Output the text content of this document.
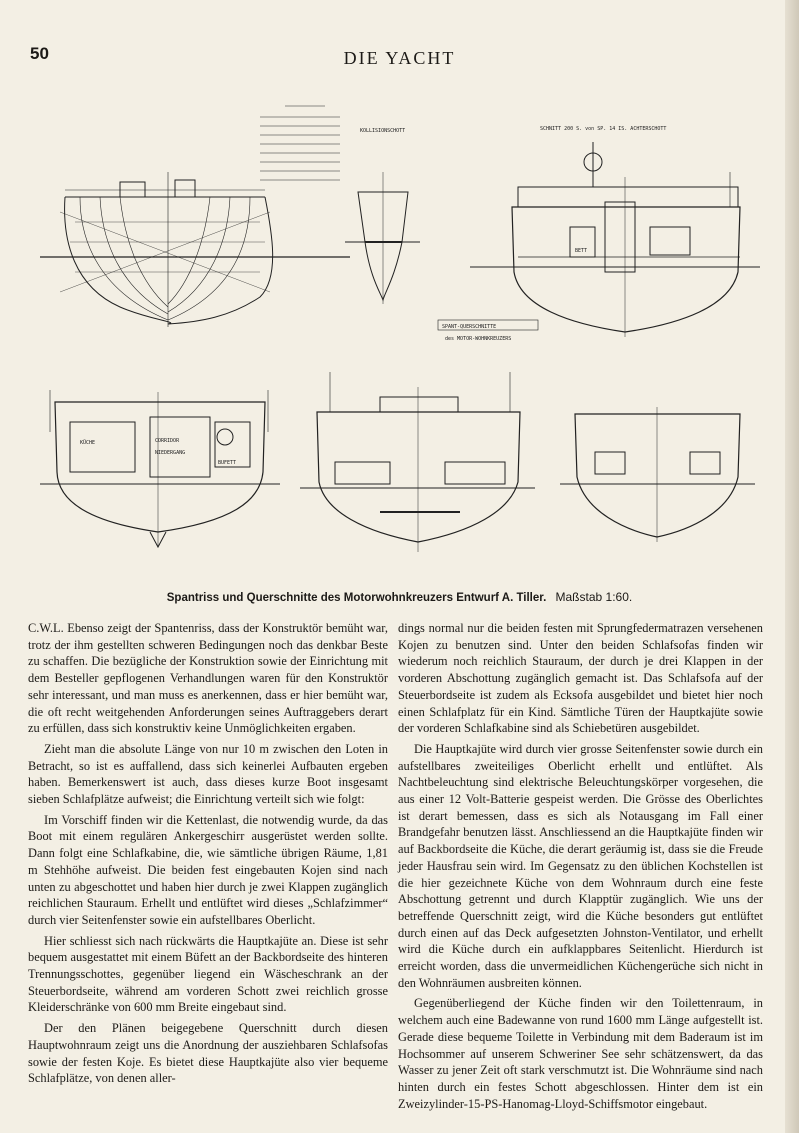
50	DIE YACHT
SPANT-QUERSCHNITTE
des MOTOR-WOHNKREUZERS
KOLLISIONSCHOTT	SCHNITT 200 S. von SP. 14 IS. ACHTERSCHOTT
KÜCHE	CORRIDOR
NIEDERGANG
BUFETT
BETT
Spantriss und Querschnitte des Motorwohnkreuzers Entwurf A. Tiller. Maßstab 1:60.

C.W.L. Ebenso zeigt der Spantenriss, dass der Konstruktör bemüht war, trotz der ihm gestellten schweren Bedingungen noch das denkbar Beste zu schaffen. Die bezügliche der Konstruktion sowie der Einrichtung mit dem Besteller gepflogenen Verhandlungen waren für den Konstruktör sehr interessant, und man muss es anerkennen, dass er hier bemüht war, die oft recht weitgehenden Anforderungen seines Auftraggebers derart zu erfüllen, dass sich konstruktiv keine Unmöglichkeiten ergaben.

Zieht man die absolute Länge von nur 10 m zwischen den Loten in Betracht, so ist es auffallend, dass sich keinerlei Aufbauten ergeben haben. Bemerkenswert ist auch, dass dieses kurze Boot insgesamt sieben Schlafplätze aufweist; die Einrichtung verteilt sich wie folgt:

Im Vorschiff finden wir die Kettenlast, die notwendig wurde, da das Boot mit einem regulären Ankergeschirr ausgerüstet werden sollte. Dann folgt eine Schlafkabine, die, wie sämtliche übrigen Räume, 1,81 m Stehhöhe aufweist. Die beiden fest eingebauten Kojen sind nach unten zu abgeschottet und haben hier durch je zwei Klappen zugänglich reichlichen Stauraum. Erhellt und entlüftet wird dieses „Schlafzimmer“ durch vier Seitenfenster sowie ein aufstellbares Oberlicht.

Hier schliesst sich nach rückwärts die Hauptkajüte an. Diese ist sehr bequem ausgestattet mit einem Büfett an der Backbordseite des hinteren Trennungsschottes, gegenüber liegend ein Wäscheschrank an der Steuerbordseite, während am vorderen Schott zwei reichlich grosse Kleiderschränke von 600 mm Breite eingebaut sind.

Der den Plänen beigegebene Querschnitt durch diesen Hauptwohnraum zeigt uns die Anordnung der ausziehbaren Schlafsofas sowie der festen Koje. Es bietet diese Hauptkajüte also vier bequeme Schlafplätze, von denen aller-

dings normal nur die beiden festen mit Sprungfedermatrazen versehenen Kojen zu benutzen sind. Unter den beiden Schlafsofas finden wir wiederum noch reichlich Stauraum, der durch je drei Klappen in der vorderen Abschottung zugänglich gemacht ist. Das Schlafsofa auf der Steuerbordseite ist zudem als Ecksofa ausgebildet und bietet hier noch einen Schlafplatz für ein Kind. Sämtliche Türen der Hauptkajüte sowie der vorderen Schlafkabine sind als Schiebetüren ausgebildet.

Die Hauptkajüte wird durch vier grosse Seitenfenster sowie durch ein aufstellbares zweiteiliges Oberlicht erhellt und entlüftet. Als Nachtbeleuchtung sind elektrische Beleuchtungskörper vorgesehen, die aus einer 12 Volt-Batterie gespeist werden. Die Grösse des Oberlichtes ist derart bemessen, dass es sich als Notausgang im Fall einer Brandgefahr benutzen lässt. Anschliessend an die Hauptkajüte finden wir auf Backbordseite die Küche, die derart geräumig ist, dass sie die Freude jeder Hausfrau sein wird. Im Gegensatz zu den üblichen Kochstellen ist die hier gezeichnete Küche von dem Wohnraum durch eine feste Abschottung getrennt und durch Klapptür zugänglich. Wie uns der betreffende Querschnitt zeigt, wird die Küche besonders gut entlüftet durch einen auf das Deck aufgesetzten Johnston-Ventilator, und erhellt wird die Küche durch ein aufklappbares Seitenlicht. Hierdurch ist erreicht worden, dass die unvermeidlichen Küchengerüche sich nicht in den Wohnräumen ausbreiten können.

Gegenüberliegend der Küche finden wir den Toilettenraum, in welchem auch eine Badewanne von rund 1600 mm Länge aufgestellt ist. Gerade diese bequeme Toilette in Verbindung mit dem Baderaum ist im Hochsommer auf unserem Schweriner See sehr schätzenswert, da das Wasser zu jener Zeit oft stark verschmutzt ist. Die Wohnräume sind nach hinten durch ein festes Schott abgeschlossen. Hinter dem ist ein Zweizylinder-15-PS-Hanomag-Lloyd-Schiffsmotor eingebaut.
